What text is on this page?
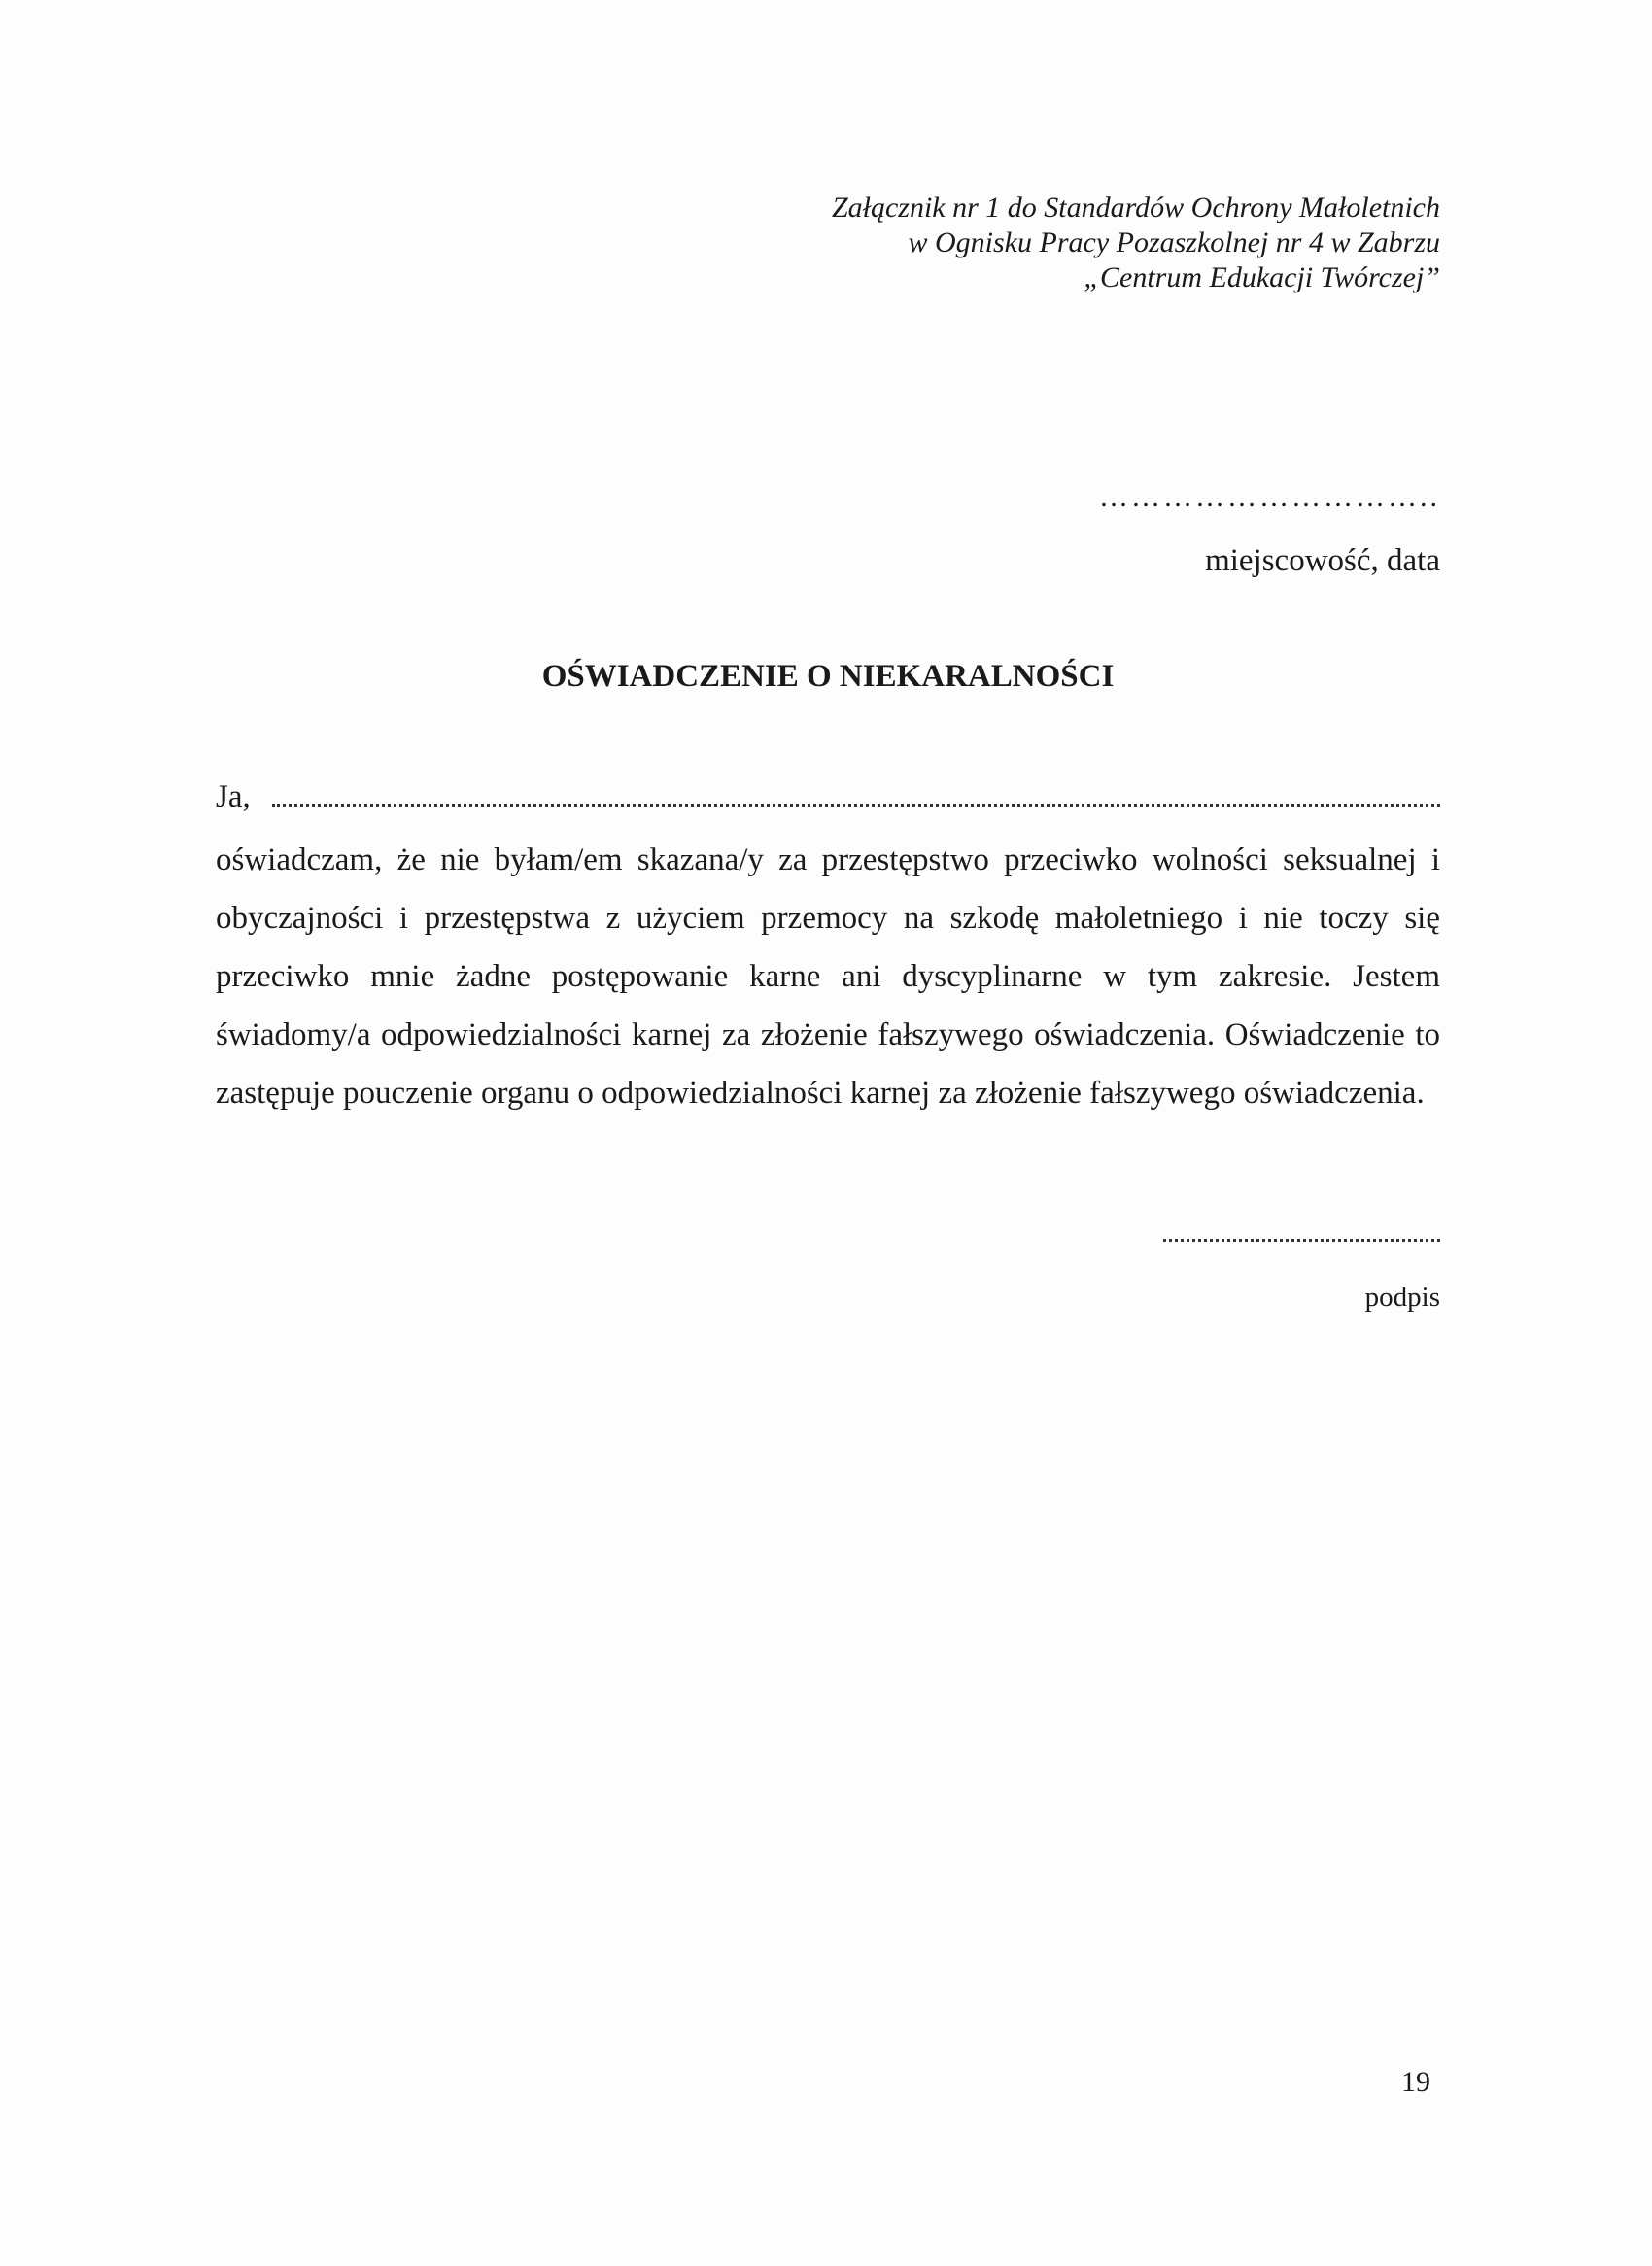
Załącznik nr 1 do Standardów Ochrony Małoletnich
w Ognisku Pracy Pozaszkolnej nr 4 w Zabrzu
„Centrum Edukacji Twórczej”
…………………………..
miejscowość, data
OŚWIADCZENIE O NIEKARALNOŚCI
Ja,
oświadczam, że nie byłam/em skazana/y za przestępstwo przeciwko wolności seksualnej i obyczajności i przestępstwa z użyciem przemocy na szkodę małoletniego i nie toczy się przeciwko mnie żadne postępowanie karne ani dyscyplinarne w tym zakresie. Jestem świadomy/a odpowiedzialności karnej za złożenie fałszywego oświadczenia. Oświadczenie to zastępuje pouczenie organu o odpowiedzialności karnej za złożenie fałszywego oświadczenia.
podpis
19
